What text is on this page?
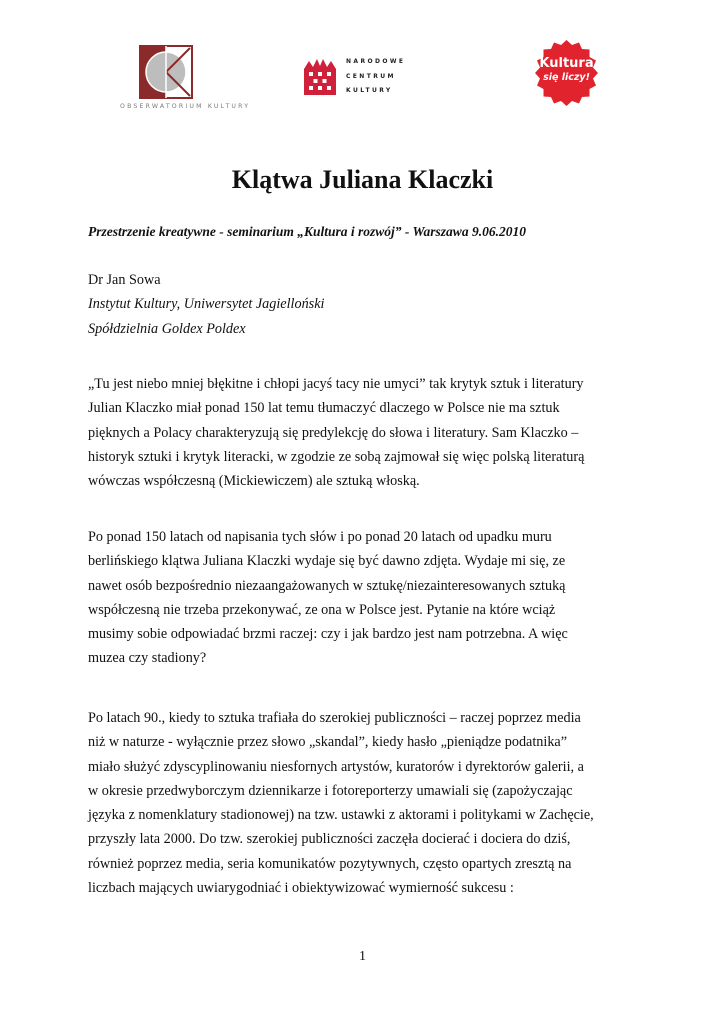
OBSERWATORIUM KULTURY
NARODOWE
CENTRUM
KULTURY
Kultura
się liczy!
Klątwa Juliana Klaczki

Przestrzenie kreatywne - seminarium „Kultura i rozwój” - Warszawa 9.06.2010

Dr Jan Sowa
Instytut Kultury, Uniwersytet Jagielloński
Spółdzielnia Goldex Poldex
„Tu jest niebo mniej błękitne i chłopi jacyś tacy nie umyci” tak krytyk sztuk i literatury
Julian Klaczko miał ponad 150 lat temu tłumaczyć dlaczego w Polsce nie ma sztuk
pięknych a Polacy charakteryzują się predylekcję do słowa i literatury. Sam Klaczko –
historyk sztuki i krytyk literacki, w zgodzie ze sobą zajmował się więc polską literaturą
wówczas współczesną (Mickiewiczem) ale sztuką włoską.
Po ponad 150 latach od napisania tych słów i po ponad 20 latach od upadku muru
berlińskiego klątwa Juliana Klaczki wydaje się być dawno zdjęta. Wydaje mi się, ze
nawet osób bezpośrednio niezaangażowanych w sztukę/niezainteresowanych sztuką
współczesną nie trzeba przekonywać, ze ona w Polsce jest. Pytanie na które wciąż
musimy sobie odpowiadać brzmi raczej: czy i jak bardzo jest nam potrzebna. A więc
muzea czy stadiony?
Po latach 90., kiedy to sztuka trafiała do szerokiej publiczności – raczej poprzez media
niż w naturze - wyłącznie przez słowo „skandal”, kiedy hasło „pieniądze podatnika”
miało służyć zdyscyplinowaniu niesfornych artystów, kuratorów i dyrektorów galerii, a
w okresie przedwyborczym dziennikarze i fotoreporterzy umawiali się (zapożyczając
języka z nomenklatury stadionowej) na tzw. ustawki z aktorami i politykami w Zachęcie,
przyszły lata 2000. Do tzw. szerokiej publiczności zaczęła docierać i dociera do dziś,
również poprzez media, seria komunikatów pozytywnych, często opartych zresztą na
liczbach mających uwiarygodniać i obiektywizować wymierność sukcesu :
1
